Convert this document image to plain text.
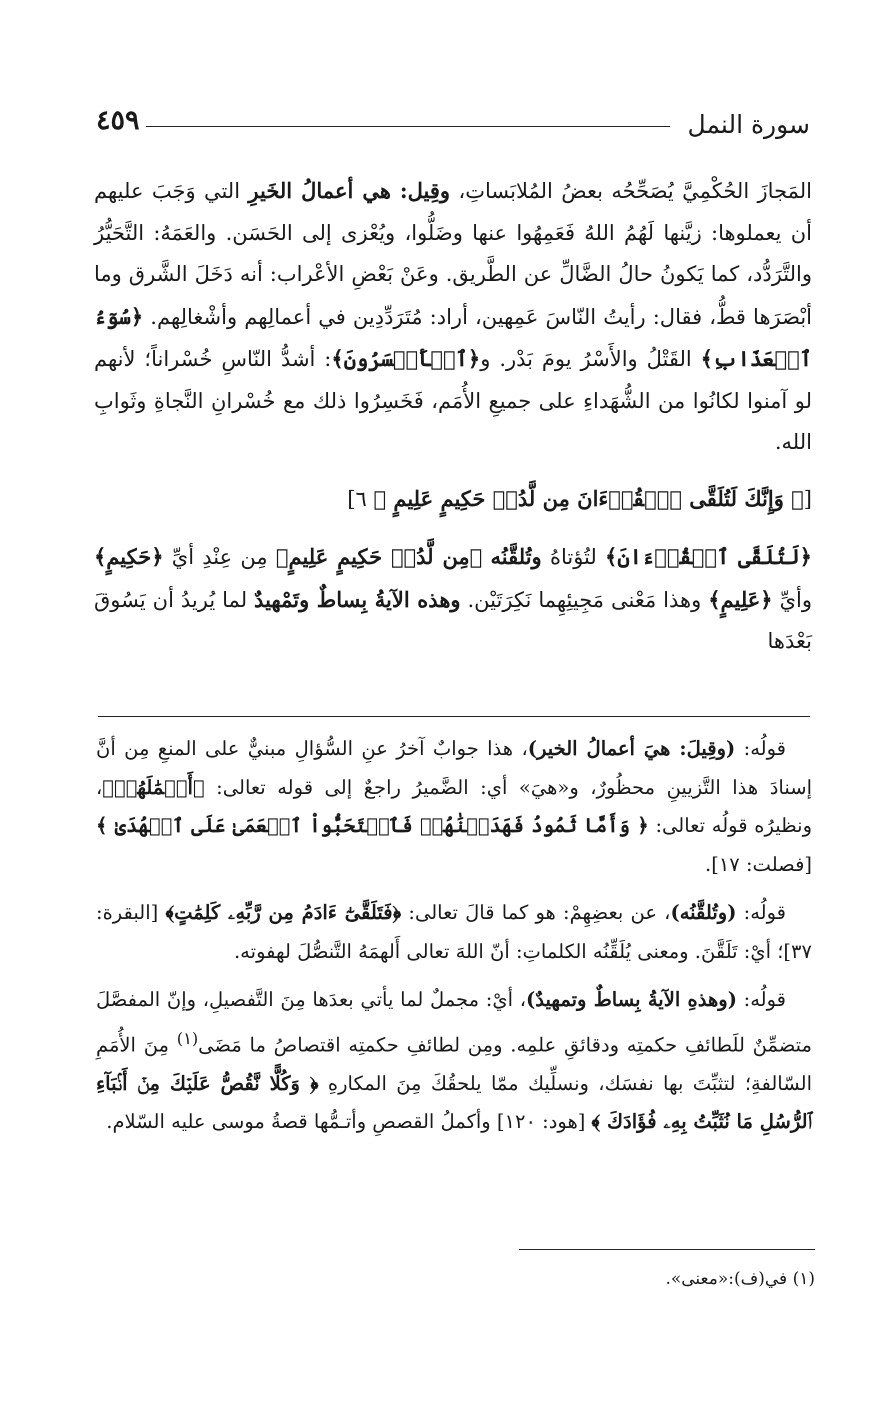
سورة النمل
٤٥٩

المَجازَ الحُكْمِيَّ يُصَحِّحُه بعضُ المُلابَساتِ، وقِيل: هي أعمالُ الخَيرِ التي وَجَبَ عليهم أن يعملوها: زيَّنها لَهُمُ اللهُ فَعَمِهُوا عنها وضَلُّوا، ويُعْزى إلى الحَسَن. والعَمَهُ: التَّحَيُّرُ والتَّرَدُّد، كما يَكونُ حالُ الضَّالِّ عن الطَّريق. وعَنْ بَعْضِ الأعْراب: أنه دَخَلَ الشَّرق وما أبْصَرَها قطُّ، فقال: رأيتُ النّاسَ عَمِهين، أراد: مُتَرَدِّدِين في أعمالِهم وأشْغالِهم. ﴿سُوٓءُ ٱلۡعَذَابِ﴾ القَتْلُ والأَسْرُ يومَ بَدْر. و﴿ٱلۡأَخۡسَرُونَ﴾: أشدُّ النّاسِ خُسْراناً؛ لأنهم لو آمنوا لكانُوا من الشُّهَداءِ على جميعِ الأُمَم، فَخَسِرُوا ذلك مع خُسْرانِ النَّجاةِ وثَوابِ الله.

[﴿ وَإِنَّكَ لَتُلَقَّى ٱلۡقُرۡءَانَ مِن لَّدُنۡ حَكِيمٍ عَلِيمٍ ﴾ ٦]

﴿لَتُلَقَّى ٱلۡقُرۡءَانَ﴾ لتُؤتاهُ وتُلقَّنُه ﴿مِن لَّدُنۡ حَكِيمٍ عَلِيمٍ﴾ مِن عِنْدِ أيِّ ﴿حَكِيمٍ﴾ وأيِّ ﴿عَلِيمٍ﴾ وهذا مَعْنى مَجِيئِهِما نَكِرَتَيْن. وهذه الآيةُ بِساطٌ وتَمْهيدٌ لما يُريدُ أن يَسُوقَ بَعْدَها

قولُه: (وقِيلَ: هيَ أعمالُ الخير)، هذا جوابٌ آخرُ عنِ السُّؤالِ مبنيٌّ على المنعِ مِن أنَّ إسنادَ هذا التَّزيينِ محظُورٌ، و«هيَ» أي: الضَّميرُ راجعٌ إلى قوله تعالى: ﴿أَعۡمَٰلَهُمۡ﴾، ونظيرُه قولُه تعالى: ﴿ وَأَمَّا ثَمُودُ فَهَدَيۡنَٰهُمۡ فَٱسۡتَحَبُّواْ ٱلۡعَمَىٰ عَلَى ٱلۡهُدَىٰ ﴾ [فصلت: ١٧].

قولُه: (وتُلقَّنُه)، عن بعضِهِمْ: هو كما قالَ تعالى: ﴿فَتَلَقَّىٰٓ ءَادَمُ مِن رَّبِّهِۦ كَلِمَٰتٍ﴾ [البقرة: ٣٧]؛ أيْ: تَلَقَّنَ. ومعنى يُلَقِّنُه الكلماتِ: أنّ اللهَ تعالى أَلهمَهُ التَّنصُّلَ لهفوته.

قولُه: (وهذهِ الآيةُ بِساطٌ وتمهيدٌ)، أيْ: مجملٌ لما يأتي بعدَها مِنَ التَّفصيلِ، وإنّ المفصَّلَ متضمِّنٌ للَطائفِ حكمتِه ودقائقِ علمِه. ومِن لطائفِ حكمتِه اقتصاصُ ما مَضَى$^{(١)}$ مِنَ الأُمَمِ السّالفةِ؛ لتثبِّتَ بها نفسَك، ونسلِّيك ممّا يلحقُكَ مِنَ المكارهِ ﴿ وَكُلًّا نَّقُصُّ عَلَيۡكَ مِنۡ أَنۢبَآءِ ٱلرُّسُلِ مَا نُثَبِّتُ بِهِۦ فُؤَادَكَ ﴾ [هود: ١٢٠] وأكملُ القصصِ وأتـمُّها قصةُ موسى عليه السّلام.

(١) في(ف):«معنى».
